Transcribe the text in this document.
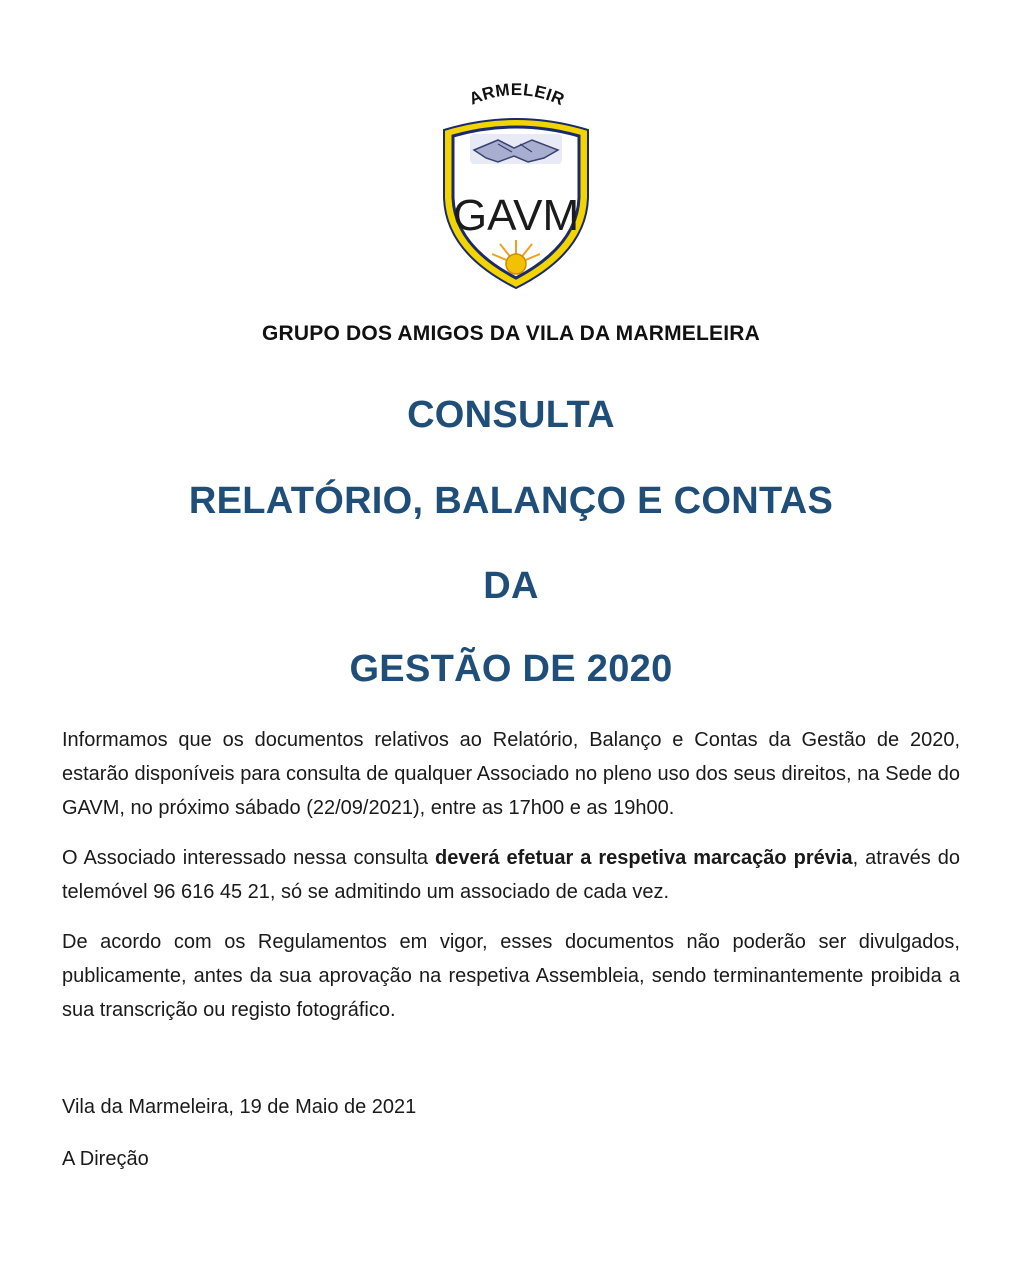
ARMELEIR
GAVM
GRUPO DOS AMIGOS DA VILA DA MARMELEIRA
CONSULTA
RELATÓRIO, BALANÇO E CONTAS
DA
GESTÃO DE 2020

Informamos que os documentos relativos ao Relatório, Balanço e Contas da Gestão de 2020, estarão disponíveis para consulta de qualquer Associado no pleno uso dos seus direitos, na Sede do GAVM, no próximo sábado (22/09/2021), entre as 17h00 e as 19h00.

O Associado interessado nessa consulta deverá efetuar a respetiva marcação prévia, através do telemóvel 96 616 45 21, só se admitindo um associado de cada vez.

De acordo com os Regulamentos em vigor, esses documentos não poderão ser divulgados, publicamente, antes da sua aprovação na respetiva Assembleia, sendo terminantemente proibida a sua transcrição ou registo fotográfico.

Vila da Marmeleira, 19 de Maio de 2021
A Direção
